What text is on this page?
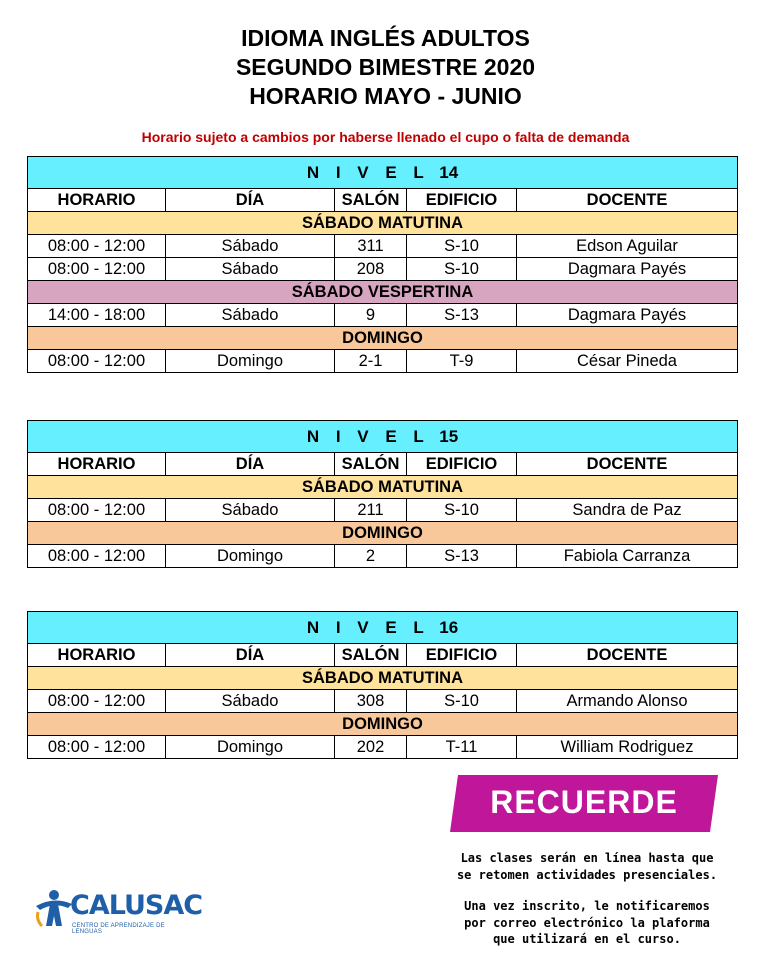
IDIOMA INGLÉS ADULTOS
SEGUNDO BIMESTRE 2020
HORARIO MAYO - JUNIO
Horario sujeto a cambios por haberse llenado el cupo o falta de demanda
N I V E L 14				
HORARIO	DÍA	SALÓN	EDIFICIO	DOCENTE
SÁBADO MATUTINA				
08:00 - 12:00	Sábado	311	S-10	Edson Aguilar
08:00 - 12:00	Sábado	208	S-10	Dagmara Payés
SÁBADO VESPERTINA				
14:00 - 18:00	Sábado	9	S-13	Dagmara Payés
DOMINGO				
08:00 - 12:00	Domingo	2-1	T-9	César Pineda
N I V E L 15				
HORARIO	DÍA	SALÓN	EDIFICIO	DOCENTE
SÁBADO MATUTINA				
08:00 - 12:00	Sábado	211	S-10	Sandra de Paz
DOMINGO				
08:00 - 12:00	Domingo	2	S-13	Fabiola Carranza
N I V E L 16				
HORARIO	DÍA	SALÓN	EDIFICIO	DOCENTE
SÁBADO MATUTINA				
08:00 - 12:00	Sábado	308	S-10	Armando Alonso
DOMINGO				
08:00 - 12:00	Domingo	202	T-11	William Rodriguez
RECUERDE
Las clases serán en línea hasta que
se retomen actividades presenciales.
Una vez inscrito, le notificaremos
por correo electrónico la plaforma
que utilizará en el curso.
CALUSAC
CENTRO DE APRENDIZAJE DE LENGUAS
